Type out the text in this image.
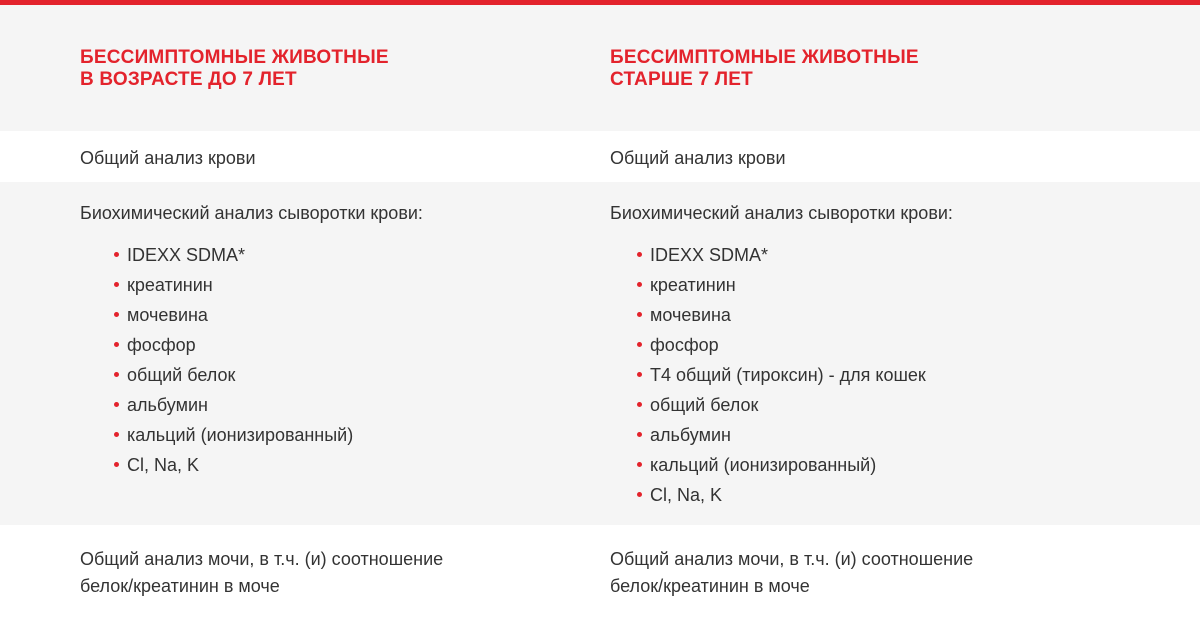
БЕССИМПТОМНЫЕ ЖИВОТНЫЕ
В ВОЗРАСТЕ ДО 7 ЛЕТ
БЕССИМПТОМНЫЕ ЖИВОТНЫЕ
СТАРШЕ 7 ЛЕТ
Общий анализ крови	Общий анализ крови
Биохимический анализ сыворотки крови:
IDEXX SDMA*
креатинин
мочевина
фосфор
общий белок
альбумин
кальций (ионизированный)
Cl, Na, K
Биохимический анализ сыворотки крови:
IDEXX SDMA*
креатинин
мочевина
фосфор
T4 общий (тироксин) - для кошек
общий белок
альбумин
кальций (ионизированный)
Cl, Na, K
Общий анализ мочи, в т.ч. (и) соотношение
белок/креатинин в моче
Общий анализ мочи, в т.ч. (и) соотношение
белок/креатинин в моче
